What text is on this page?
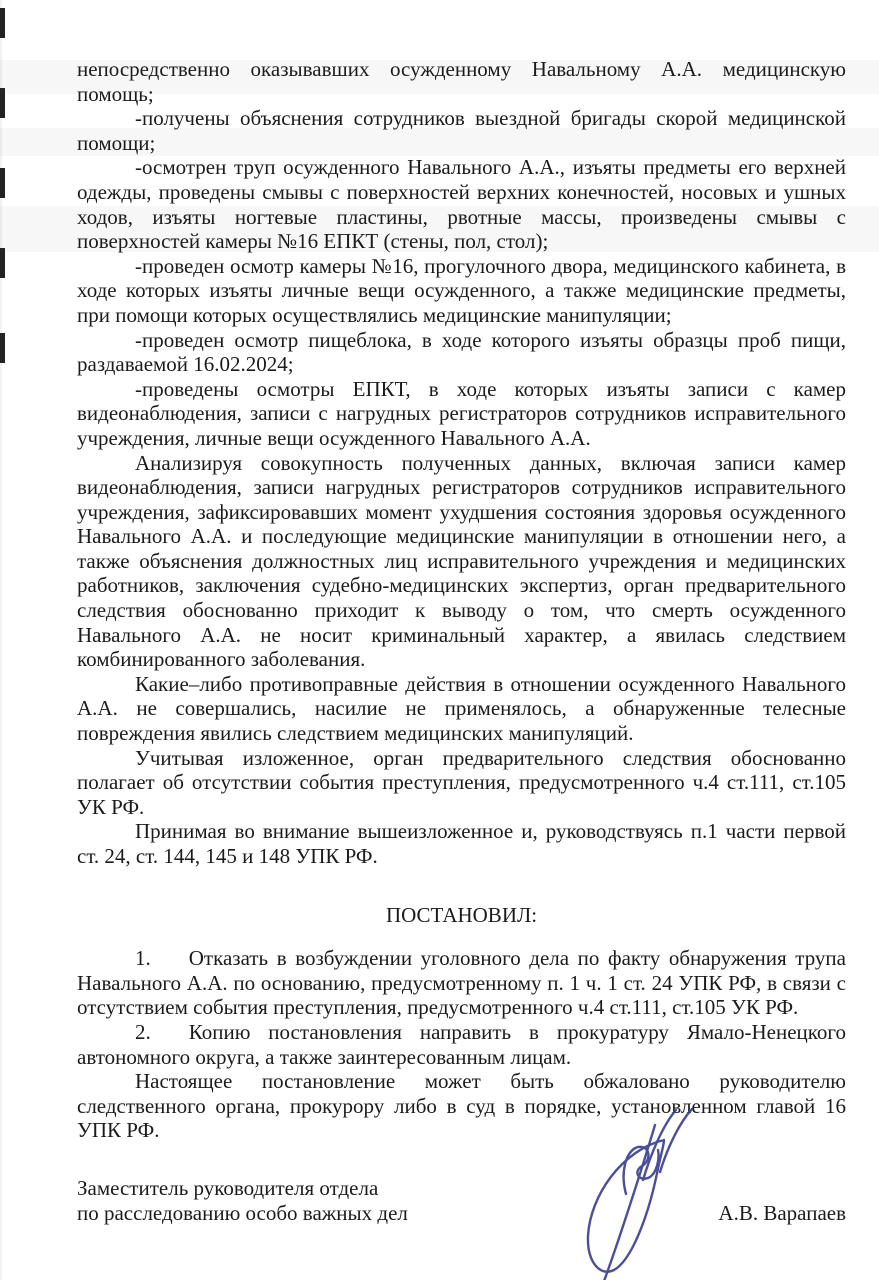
непосредственно оказывавших осужденному Навальному А.А. медицинскую помощь;

-получены объяснения сотрудников выездной бригады скорой медицинской помощи;

-осмотрен труп осужденного Навального А.А., изъяты предметы его верхней одежды, проведены смывы с поверхностей верхних конечностей, носовых и ушных ходов, изъяты ногтевые пластины, рвотные массы, произведены смывы с поверхностей камеры №16 ЕПКТ (стены, пол, стол);

-проведен осмотр камеры №16, прогулочного двора, медицинского кабинета, в ходе которых изъяты личные вещи осужденного, а также медицинские предметы, при помощи которых осуществлялись медицинские манипуляции;

-проведен осмотр пищеблока, в ходе которого изъяты образцы проб пищи, раздаваемой 16.02.2024;

-проведены осмотры ЕПКТ, в ходе которых изъяты записи с камер видеонаблюдения, записи с нагрудных регистраторов сотрудников исправительного учреждения, личные вещи осужденного Навального А.А.

Анализируя совокупность полученных данных, включая записи камер видеонаблюдения, записи нагрудных регистраторов сотрудников исправительного учреждения, зафиксировавших момент ухудшения состояния здоровья осужденного Навального А.А. и последующие медицинские манипуляции в отношении него, а также объяснения должностных лиц исправительного учреждения и медицинских работников, заключения судебно-медицинских экспертиз, орган предварительного следствия обоснованно приходит к выводу о том, что смерть осужденного Навального А.А. не носит криминальный характер, а явилась следствием комбинированного заболевания.

Какие–либо противоправные действия в отношении осужденного Навального А.А. не совершались, насилие не применялось, а обнаруженные телесные повреждения явились следствием медицинских манипуляций.

Учитывая изложенное, орган предварительного следствия обоснованно полагает об отсутствии события преступления, предусмотренного ч.4 ст.111, ст.105 УК РФ.

Принимая во внимание вышеизложенное и, руководствуясь п.1 части первой ст. 24, ст. 144, 145 и 148 УПК РФ.

ПОСТАНОВИЛ:

1. Отказать в возбуждении уголовного дела по факту обнаружения трупа Навального А.А. по основанию, предусмотренному п. 1 ч. 1 ст. 24 УПК РФ, в связи с отсутствием события преступления, предусмотренного ч.4 ст.111, ст.105 УК РФ.

2. Копию постановления направить в прокуратуру Ямало-Ненецкого автономного округа, а также заинтересованным лицам.

Настоящее постановление может быть обжаловано руководителю следственного органа, прокурору либо в суд в порядке, установленном главой 16 УПК РФ.

Заместитель руководителя отдела
по расследованию особо важных дел	А.В. Варапаев
